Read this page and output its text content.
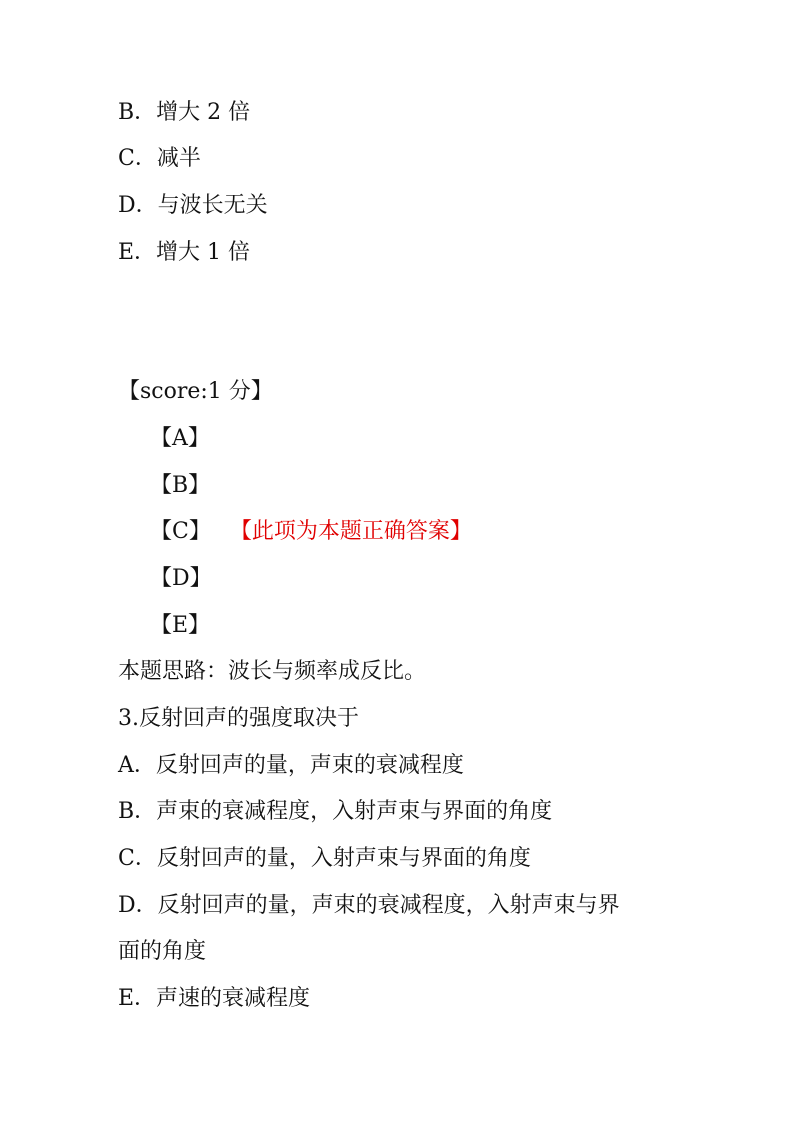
B．增大 2 倍
C．减半
D．与波长无关
E．增大 1 倍
【score:1 分】
【A】
【B】
【C】 【此项为本题正确答案】
【D】
【E】
本题思路：波长与频率成反比。
3.反射回声的强度取决于
A．反射回声的量，声束的衰减程度
B．声束的衰减程度，入射声束与界面的角度
C．反射回声的量，入射声束与界面的角度
D．反射回声的量，声束的衰减程度，入射声束与界
面的角度
E．声速的衰减程度
